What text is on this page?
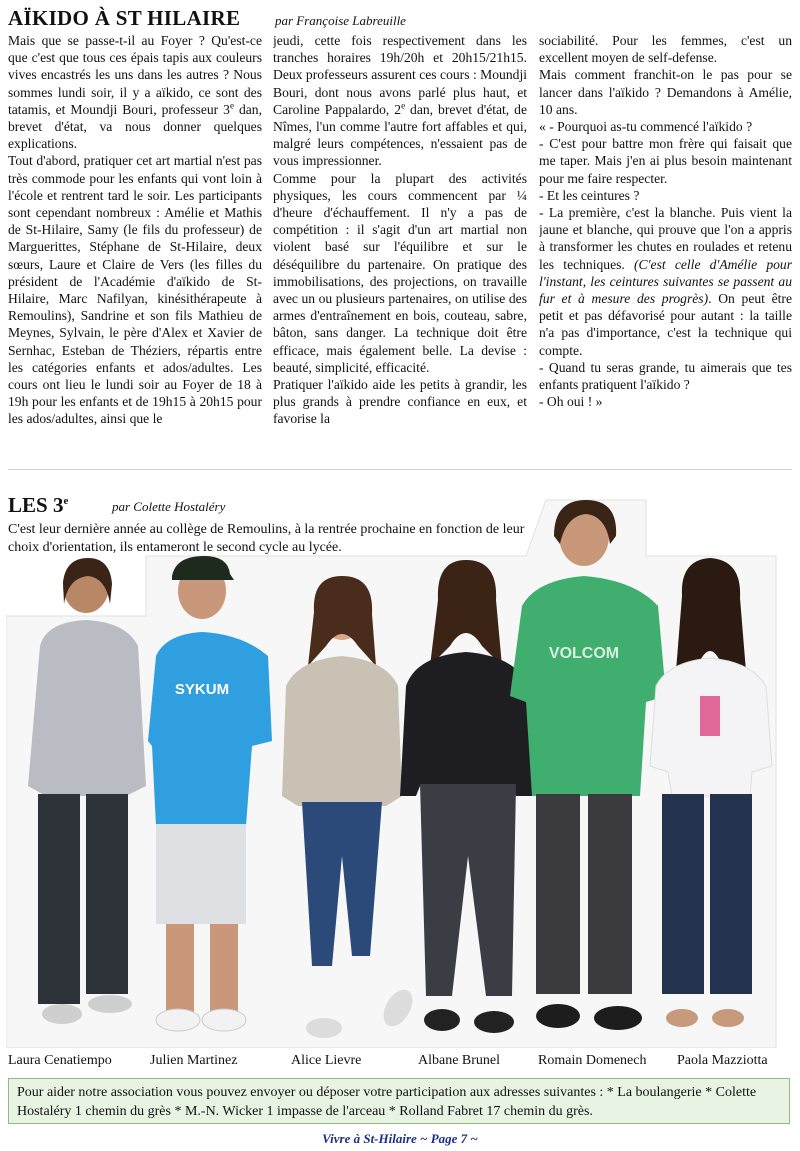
AÏKIDO À ST HILAIRE	par Françoise Labreuille

Mais que se passe-t-il au Foyer ? Qu'est-ce que c'est que tous ces épais tapis aux couleurs vives encastrés les uns dans les autres ? Nous sommes lundi soir, il y a aïkido, ce sont des tatamis, et Moundji Bouri, professeur 3e dan, brevet d'état, va nous donner quelques explications.

Tout d'abord, pratiquer cet art martial n'est pas très commode pour les enfants qui vont loin à l'école et rentrent tard le soir. Les participants sont cependant nombreux : Amélie et Mathis de St-Hilaire, Samy (le fils du professeur) de Marguerittes, Stéphane de St-Hilaire, deux sœurs, Laure et Claire de Vers (les filles du président de l'Académie d'aïkido de St-Hilaire, Marc Nafilyan, kinésithérapeute à Remoulins), Sandrine et son fils Mathieu de Meynes, Sylvain, le père d'Alex et Xavier de Sernhac, Esteban de Théziers, répartis entre les catégories enfants et ados/adultes. Les cours ont lieu le lundi soir au Foyer de 18 à 19h pour les enfants et de 19h15 à 20h15 pour les ados/adultes, ainsi que le

jeudi, cette fois respectivement dans les tranches horaires 19h/20h et 20h15/21h15. Deux professeurs assurent ces cours : Moundji Bouri, dont nous avons parlé plus haut, et Caroline Pappalardo, 2e dan, brevet d'état, de Nîmes, l'un comme l'autre fort affables et qui, malgré leurs compétences, n'essaient pas de vous impressionner.

Comme pour la plupart des activités physiques, les cours commencent par ¼ d'heure d'échauffement. Il n'y a pas de compétition : il s'agit d'un art martial non violent basé sur l'équilibre et sur le déséquilibre du partenaire. On pratique des immobilisations, des projections, on travaille avec un ou plusieurs partenaires, on utilise des armes d'entraînement en bois, couteau, sabre, bâton, sans danger. La technique doit être efficace, mais également belle. La devise : beauté, simplicité, efficacité.

Pratiquer l'aïkido aide les petits à grandir, les plus grands à prendre confiance en eux, et favorise la

sociabilité. Pour les femmes, c'est un excellent moyen de self-defense.

Mais comment franchit-on le pas pour se lancer dans l'aïkido ? Demandons à Amélie, 10 ans.

« - Pourquoi as-tu commencé l'aïkido ?

- C'est pour battre mon frère qui faisait que me taper. Mais j'en ai plus besoin maintenant pour me faire respecter.

- Et les ceintures ?

- La première, c'est la blanche. Puis vient la jaune et blanche, qui prouve que l'on a appris à transformer les chutes en roulades et retenu les techniques. (C'est celle d'Amélie pour l'instant, les ceintures suivantes se passent au fur et à mesure des progrès). On peut être petit et pas défavorisé pour autant : la taille n'a pas d'importance, c'est la technique qui compte.

- Quand tu seras grande, tu aimerais que tes enfants pratiquent l'aïkido ?

- Oh oui ! »

SYKUM
VOLCOM
LES 3e	par Colette Hostaléry
C'est leur dernière année au collège de Remoulins, à la rentrée prochaine en fonction de leur choix d'orientation, ils entameront le second cycle au lycée.
Laura Cenatiempo	Julien Martinez	Alice Lievre	Albane Brunel	Romain Domenech Paola Mazziotta
Pour aider notre association vous pouvez envoyer ou déposer votre participation aux adresses suivantes : * La boulangerie * Colette Hostaléry 1 chemin du grès * M.-N. Wicker 1 impasse de l'arceau * Rolland Fabret 17 chemin du grès.
Vivre à St-Hilaire ~ Page 7 ~
